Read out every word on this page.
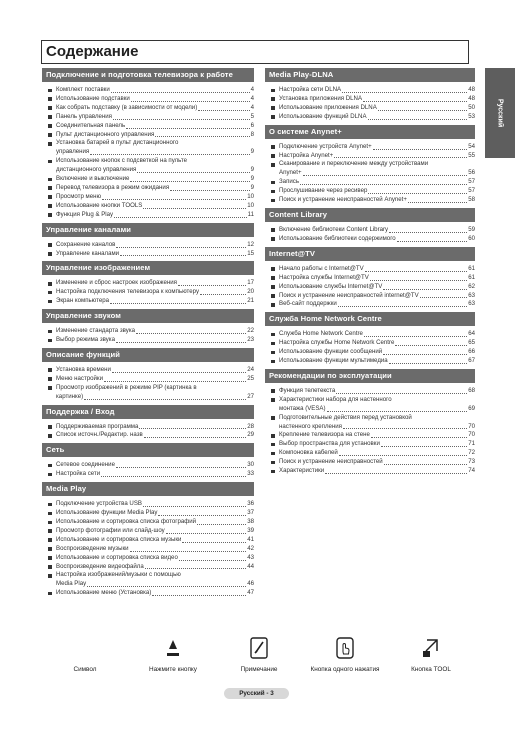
Содержание
Русский
Подключение и подготовка телевизора к работе
Комплект поставки	4
Использование подставки	4
Как собрать подставку (в зависимости от модели)	4
Панель управления	5
Соединительная панель	6
Пульт дистанционного управления	8
Установка батарей в пульт дистанционного
управления	9
Использование кнопок с подсветкой на пульте
дистанционного управления	9
Включение и выключение	9
Перевод телевизора в режим ожидания	9
Просмотр меню	10
Использование кнопки TOOLS	10
Функция Plug & Play	11
Управление каналами
Сохранение каналов	12
Управление каналами	15
Управление изображением
Изменение и сброс настроек изображения	17
Настройка подключения телевизора к компьютеру	20
Экран компьютера	21
Управление звуком
Изменение стандарта звука	22
Выбор режима звука	23
Описание функций
Установка времени	24
Меню настройки	25
Просмотр изображений в режиме PIP (картинка в
картинке)	27
Поддержка / Вход
Поддерживаемая программа	28
Список источн./Редактир. назв	29
Сеть
Сетевое соединение	30
Настройка сети	33
Media Play
Подключение устройства USB	36
Использование функции Media Play	37
Использование и сортировка списка фотографий	38
Просмотр фотографии или слайд-шоу	39
Использование и сортировка списка музыки	41
Воспроизведение музыки	42
Использование и сортировка списка видео	43
Воспроизведение видеофайла	44
Настройка изображений/музыки с помощью
Media Play	46
Использование меню (Установка)	47
Media Play-DLNA
Настройка сети DLNA	48
Установка приложения DLNA	48
Использование приложения DLNA	50
Использование функций DLNA	53
О системе Anynet+
Подключение устройств Anynet+	54
Настройка Anynet+	55
Сканирование и переключение между устройствами
Anynet+	56
Запись	57
Прослушивание через ресивер	57
Поиск и устранение неисправностей Anynet+	58
Content Library
Включение библиотеки Content Library	59
Использование библиотеки содержимого	60
Internet@TV
Начало работы с Internet@TV	61
Настройка службы Internet@TV	61
Использование службы Internet@TV	62
Поиск и устранение неисправностей internet@TV	63
Веб-сайт поддержки	63
Служба Home Network Centre
Служба Home Network Centre	64
Настройка службы Home Network Centre	65
Использование функции сообщений	66
Использование функции мультимедиа	67
Рекомендации по эксплуатации
Функция телетекста	68
Характеристики набора для настенного
монтажа (VESA)	69
Подготовительные действия перед установкой
настенного крепления	70
Крепление телевизора на стене	70
Выбор пространства для установки	71
Компоновка кабелей	72
Поиск и устранение неисправностей	73
Характеристики	74
Символ	Нажмите кнопку	Примечание	Кнопка одного нажатия	Кнопка TOOL
Русский - 3
